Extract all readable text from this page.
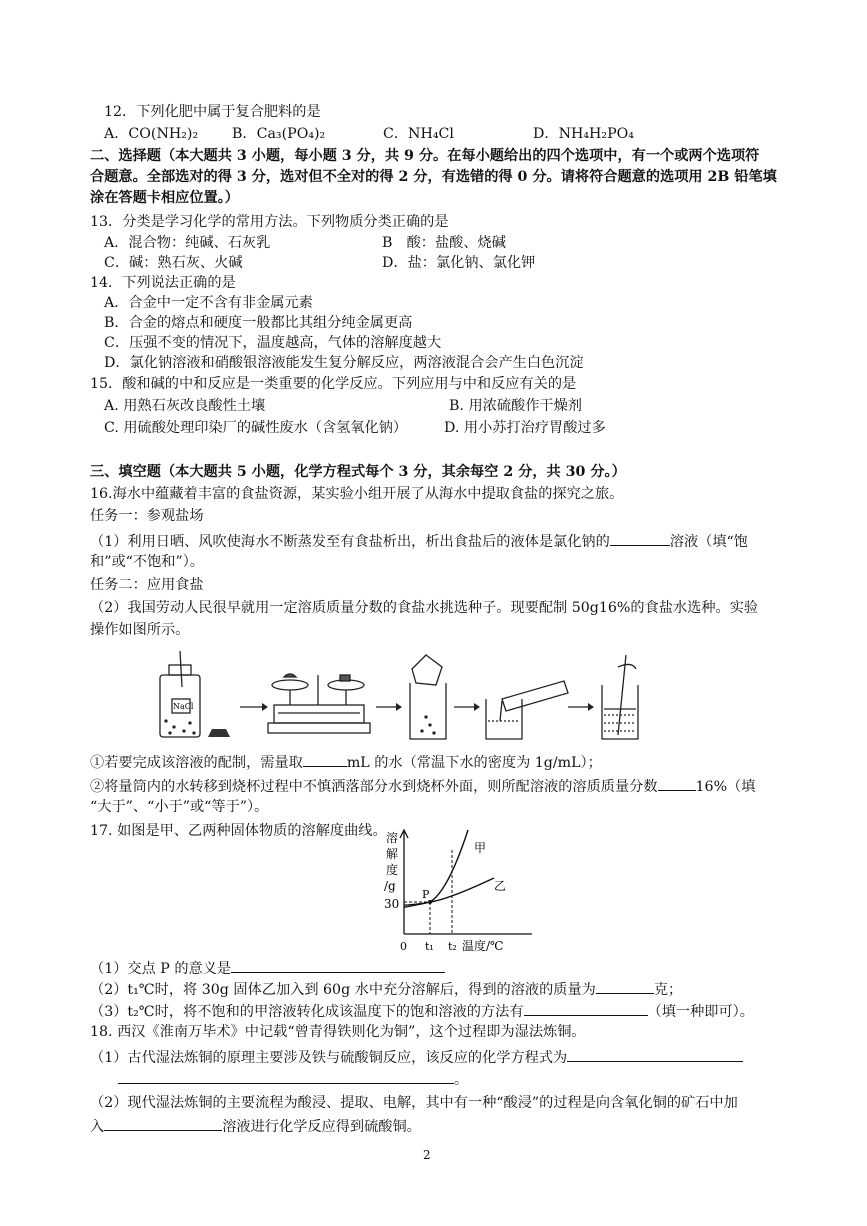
12．下列化肥中属于复合肥料的是
A．CO(NH₂)₂ B．Ca₃(PO₄)₂	C．NH₄Cl	D．NH₄H₂PO₄
二、选择题（本大题共 3 小题，每小题 3 分，共 9 分。在每小题给出的四个选项中，有一个或两个选项符
合题意。全部选对的得 3 分，选对但不全对的得 2 分，有选错的得 0 分。请将符合题意的选项用 2B 铅笔填
涂在答题卡相应位置。）
13．分类是学习化学的常用方法。下列物质分类正确的是
A．混合物：纯碱、石灰乳	B　酸：盐酸、烧碱
C．碱：熟石灰、火碱	D．盐：氯化钠、氯化钾
14．下列说法正确的是
A．合金中一定不含有非金属元素
B．合金的熔点和硬度一般都比其组分纯金属更高
C．压强不变的情况下，温度越高，气体的溶解度越大
D．氯化钠溶液和硝酸银溶液能发生复分解反应，两溶液混合会产生白色沉淀
15．酸和碱的中和反应是一类重要的化学反应。下列应用与中和反应有关的是
A. 用熟石灰改良酸性土壤	B. 用浓硫酸作干燥剂
C. 用硫酸处理印染厂的碱性废水（含氢氧化钠）	D. 用小苏打治疗胃酸过多
三、填空题（本大题共 5 小题，化学方程式每个 3 分，其余每空 2 分，共 30 分。）
16.海水中蕴藏着丰富的食盐资源，某实验小组开展了从海水中提取食盐的探究之旅。
任务一：参观盐场
（1）利用日晒、风吹使海水不断蒸发至有食盐析出，析出食盐后的液体是氯化钠的	溶液（填“饱
和”或“不饱和”）。
任务二：应用食盐
（2）我国劳动人民很早就用一定溶质质量分数的食盐水挑选种子。现要配制 50g16%的食盐水选种。实验
操作如图所示。
NaCl
①若要完成该溶液的配制，需量取	mL 的水（常温下水的密度为 1g/mL）；
②将量筒内的水转移到烧杯过程中不慎洒落部分水到烧杯外面，则所配溶液的溶质质量分数	16%（填
“大于”、“小于”或“等于”）。
17. 如图是甲、乙两种固体物质的溶解度曲线。 溶
解
度
/g
30
P
甲
乙
0 t₁ t₂ 温度/℃
（1）交点 P 的意义是
（2）t₁℃时，将 30g 固体乙加入到 60g 水中充分溶解后，得到的溶液的质量为	克；
（3）t₂℃时，将不饱和的甲溶液转化成该温度下的饱和溶液的方法有	（填一种即可）。
18. 西汉《淮南万毕术》中记载“曾青得铁则化为铜”，这个过程即为湿法炼铜。
（1）古代湿法炼铜的原理主要涉及铁与硫酸铜反应，该反应的化学方程式为
。
（2）现代湿法炼铜的主要流程为酸浸、提取、电解，其中有一种“酸浸”的过程是向含氧化铜的矿石中加
入	溶液进行化学反应得到硫酸铜。
2
